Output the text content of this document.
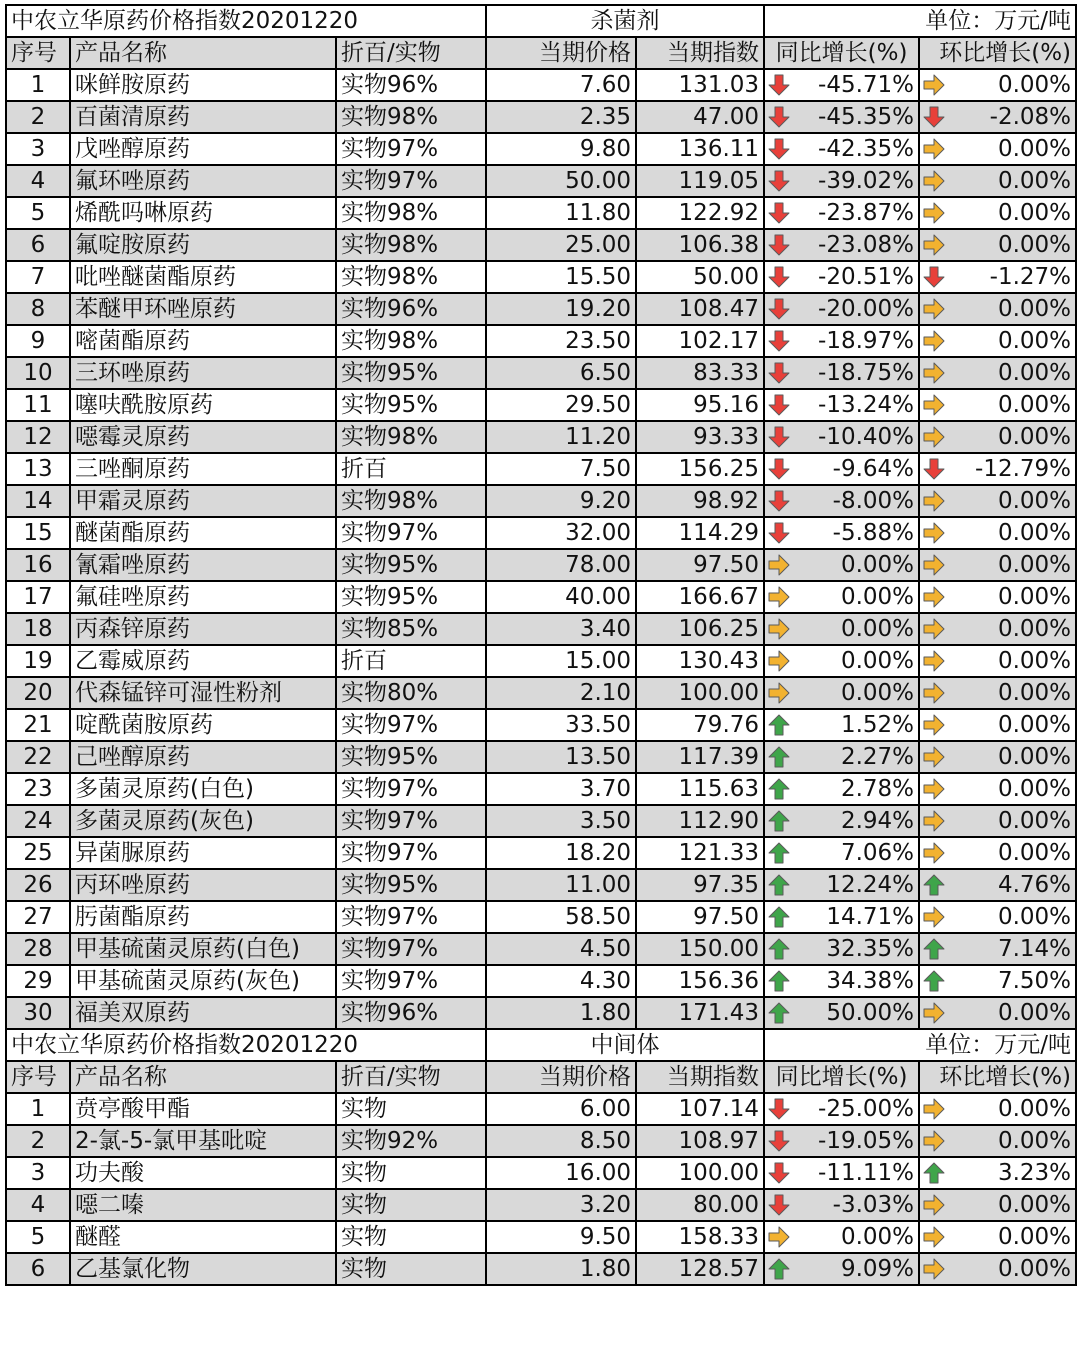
中农立华原药价格指数20201220			杀菌剂		单位：万元/吨	
序号	产品名称	折百/实物	当期价格	当期指数	同比增长(%)	环比增长(%)
1	咪鲜胺原药	实物96%	7.60	131.03	-45.71%	0.00%

2	百菌清原药	实物98%	2.35	47.00	-45.35%	-2.08%

3	戊唑醇原药	实物97%	9.80	136.11	-42.35%	0.00%

4	氟环唑原药	实物97%	50.00	119.05	-39.02%	0.00%

5	烯酰吗啉原药	实物98%	11.80	122.92	-23.87%	0.00%

6	氟啶胺原药	实物98%	25.00	106.38	-23.08%	0.00%

7	吡唑醚菌酯原药	实物98%	15.50	50.00	-20.51%	-1.27%

8	苯醚甲环唑原药	实物96%	19.20	108.47	-20.00%	0.00%

9	嘧菌酯原药	实物98%	23.50	102.17	-18.97%	0.00%

10	三环唑原药	实物95%	6.50	83.33	-18.75%	0.00%

11	噻呋酰胺原药	实物95%	29.50	95.16	-13.24%	0.00%

12	噁霉灵原药	实物98%	11.20	93.33	-10.40%	0.00%

13	三唑酮原药	折百	7.50	156.25	-9.64%	-12.79%

14	甲霜灵原药	实物98%	9.20	98.92	-8.00%	0.00%

15	醚菌酯原药	实物97%	32.00	114.29	-5.88%	0.00%

16	氰霜唑原药	实物95%	78.00	97.50	0.00%	0.00%

17	氟硅唑原药	实物95%	40.00	166.67	0.00%	0.00%

18	丙森锌原药	实物85%	3.40	106.25	0.00%	0.00%

19	乙霉威原药	折百	15.00	130.43	0.00%	0.00%

20	代森锰锌可湿性粉剂	实物80%	2.10	100.00	0.00%	0.00%

21	啶酰菌胺原药	实物97%	33.50	79.76	1.52%	0.00%

22	己唑醇原药	实物95%	13.50	117.39	2.27%	0.00%

23	多菌灵原药(白色)	实物97%	3.70	115.63	2.78%	0.00%

24	多菌灵原药(灰色)	实物97%	3.50	112.90	2.94%	0.00%

25	异菌脲原药	实物97%	18.20	121.33	7.06%	0.00%

26	丙环唑原药	实物95%	11.00	97.35	12.24%	4.76%

27	肟菌酯原药	实物97%	58.50	97.50	14.71%	0.00%

28	甲基硫菌灵原药(白色)	实物97%	4.50	150.00	32.35%	7.14%

29	甲基硫菌灵原药(灰色)	实物97%	4.30	156.36	34.38%	7.50%

30	福美双原药	实物96%	1.80	171.43	50.00%	0.00%

中农立华原药价格指数20201220			中间体		单位：万元/吨	
序号	产品名称	折百/实物	当期价格	当期指数	同比增长(%)	环比增长(%)
1	贲亭酸甲酯	实物	6.00	107.14	-25.00%	0.00%

2	2-氯-5-氯甲基吡啶	实物92%	8.50	108.97	-19.05%	0.00%

3	功夫酸	实物	16.00	100.00	-11.11%	3.23%

4	噁二嗪	实物	3.20	80.00	-3.03%	0.00%

5	醚醛	实物	9.50	158.33	0.00%	0.00%

6	乙基氯化物	实物	1.80	128.57	9.09%	0.00%
